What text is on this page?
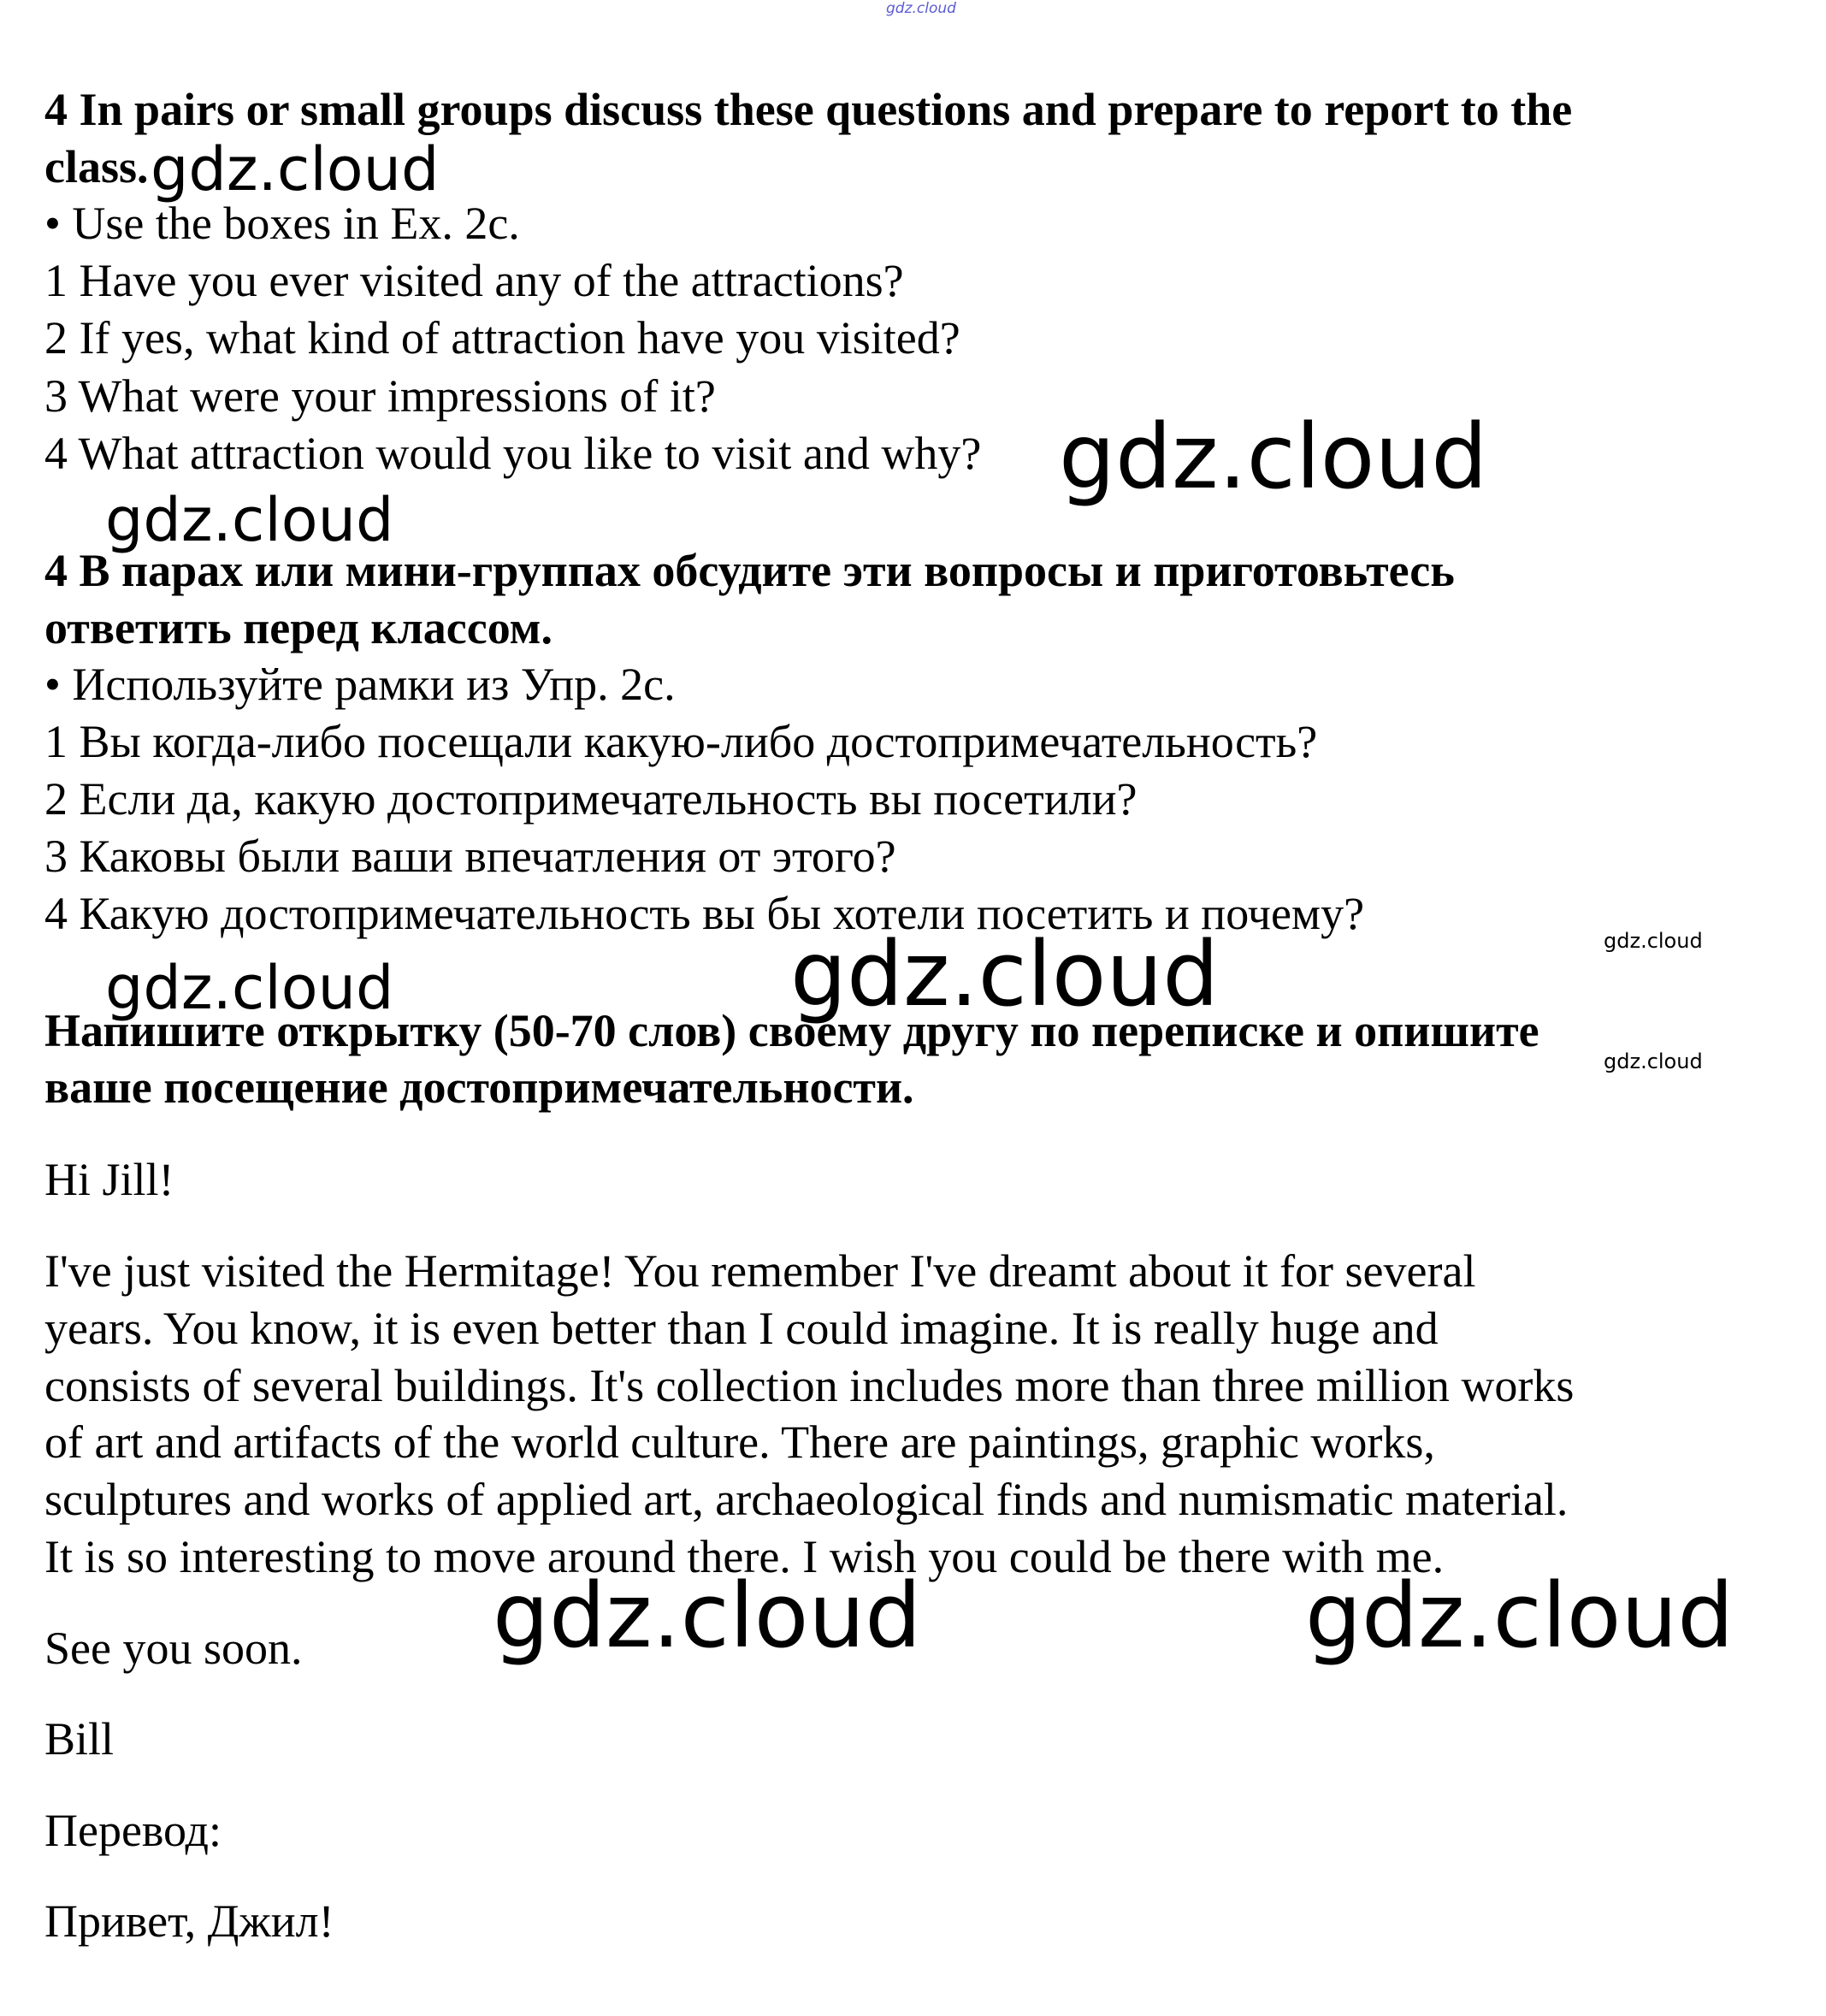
gdz.cloud

4 In pairs or small groups discuss these questions and prepare to report to the

class.

• Use the boxes in Ex. 2c.

1 Have you ever visited any of the attractions?

2 If yes, what kind of attraction have you visited?

3 What were your impressions of it?

4 What attraction would you like to visit and why?

4 В парах или мини-группах обсудите эти вопросы и приготовьтесь

ответить перед классом.

• Используйте рамки из Упр. 2с.

1 Вы когда-либо посещали какую-либо достопримечательность?

2 Если да, какую достопримечательность вы посетили?

3 Каковы были ваши впечатления от этого?

4 Какую достопримечательность вы бы хотели посетить и почему?

Напишите открытку (50-70 слов) своему другу по переписке и опишите

ваше посещение достопримечательности.

Hi Jill!

I've just visited the Hermitage! You remember I've dreamt about it for several

years. You know, it is even better than I could imagine. It is really huge and

consists of several buildings. It's collection includes more than three million works

of art and artifacts of the world culture. There are paintings, graphic works,

sculptures and works of applied art, archaeological finds and numismatic material.

It is so interesting to move around there. I wish you could be there with me.

See you soon.

Bill

Перевод:

Привет, Джил!

gdz.cloud
gdz.cloud
gdz.cloud
gdz.cloud
gdz.cloud
gdz.cloud
gdz.cloud
gdz.cloud	gdz.cloud
